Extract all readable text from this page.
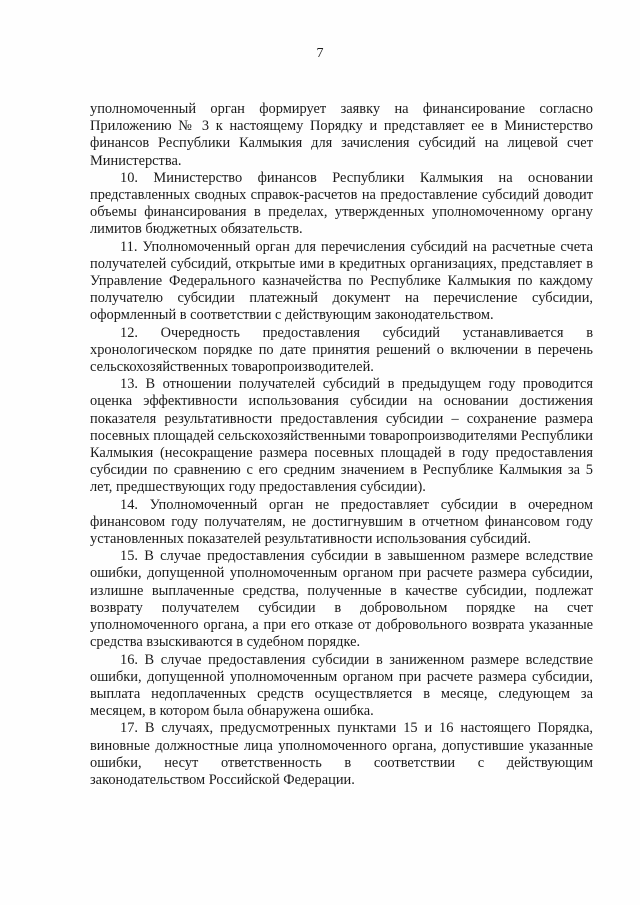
7

уполномоченный орган формирует заявку на финансирование согласно Приложению № 3 к настоящему Порядку и представляет ее в Министерство финансов Республики Калмыкия для зачисления субсидий на лицевой счет Министерства.

10. Министерство финансов Республики Калмыкия на основании представленных сводных справок-расчетов на предоставление субсидий доводит объемы финансирования в пределах, утвержденных уполномоченному органу лимитов бюджетных обязательств.

11. Уполномоченный орган для перечисления субсидий на расчетные счета получателей субсидий, открытые ими в кредитных организациях, представляет в Управление Федерального казначейства по Республике Калмыкия по каждому получателю субсидии платежный документ на перечисление субсидии, оформленный в соответствии с действующим законодательством.

12. Очередность предоставления субсидий устанавливается в хронологическом порядке по дате принятия решений о включении в перечень сельскохозяйственных товаропроизводителей.

13. В отношении получателей субсидий в предыдущем году проводится оценка эффективности использования субсидии на основании достижения показателя результативности предоставления субсидии – сохранение размера посевных площадей сельскохозяйственными товаропроизводителями Республики Калмыкия (несокращение размера посевных площадей в году предоставления субсидии по сравнению с его средним значением в Республике Калмыкия за 5 лет, предшествующих году предоставления субсидии).

14. Уполномоченный орган не предоставляет субсидии в очередном финансовом году получателям, не достигнувшим в отчетном финансовом году установленных показателей результативности использования субсидий.

15. В случае предоставления субсидии в завышенном размере вследствие ошибки, допущенной уполномоченным органом при расчете размера субсидии, излишне выплаченные средства, полученные в качестве субсидии, подлежат возврату получателем субсидии в добровольном порядке на счет уполномоченного органа, а при его отказе от добровольного возврата указанные средства взыскиваются в судебном порядке.

16. В случае предоставления субсидии в заниженном размере вследствие ошибки, допущенной уполномоченным органом при расчете размера субсидии, выплата недоплаченных средств осуществляется в месяце, следующем за месяцем, в котором была обнаружена ошибка.

17. В случаях, предусмотренных пунктами 15 и 16 настоящего Порядка, виновные должностные лица уполномоченного органа, допустившие указанные ошибки, несут ответственность в соответствии с действующим законодательством Российской Федерации.
